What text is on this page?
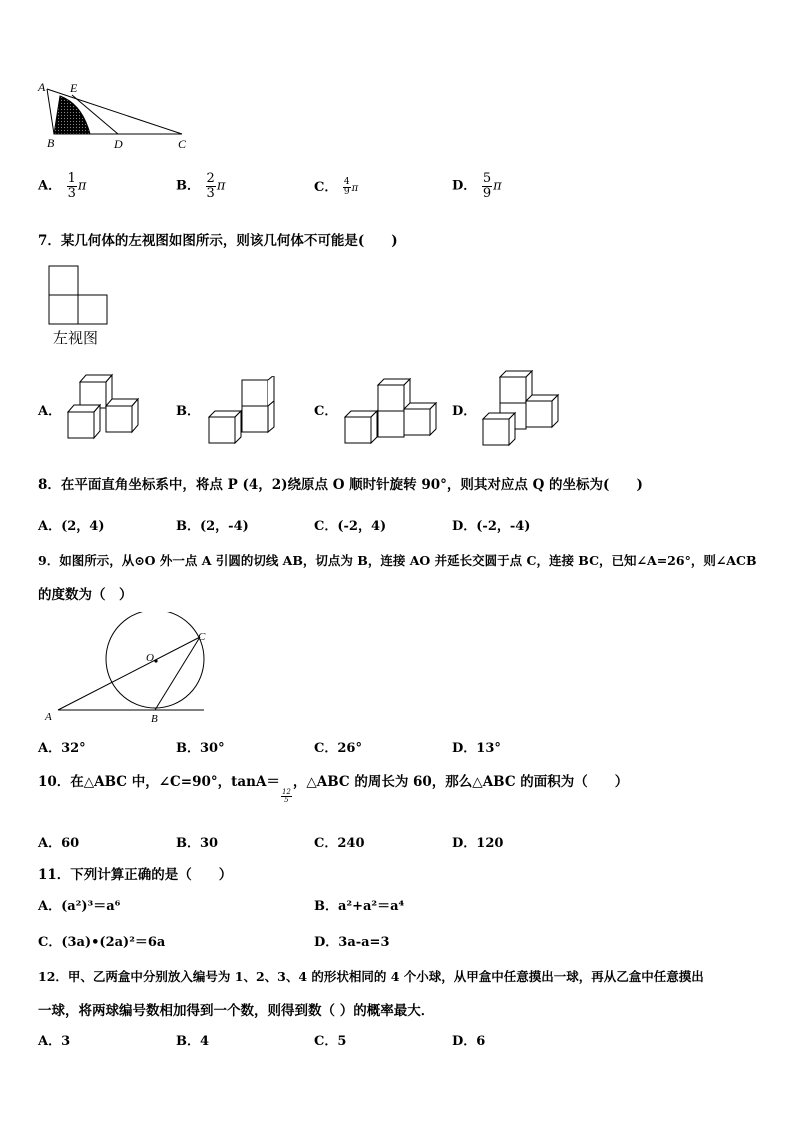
A E
B	D	C
A． $\frac{1}{3}$ π	B． $\frac{2}{3}$ π	C． $\frac{4}{9}$ π	D． $\frac{5}{9}$ π
7．某几何体的左视图如图所示，则该几何体不可能是(　　)
左视图
A．	B．	C．	D．
8．在平面直角坐标系中，将点 P (4，2)绕原点 O 顺时针旋转 90°，则其对应点 Q 的坐标为(　　)
A．(2，4)	B．(2，-4)	C．(-2，4)	D．(-2，-4)
9．如图所示，从⊙O 外一点 A 引圆的切线 AB，切点为 B，连接 AO 并延长交圆于点 C，连接 BC，已知∠A=26°，则∠ACB
的度数为（　）
O
C
A	B
A．32°	B．30°	C．26°	D．13°
10．在△ABC 中，∠C=90°，tanA＝
$\frac{12}{5}$
，△ABC 的周长为 60，那么△ABC 的面积为（　　）
A．60	B．30	C．240	D．120
11．下列计算正确的是（　　）
A．(a²)³＝a⁶	B．a²+a²＝a⁴
C．(3a)•(2a)²＝6a	D．3a-a=3
12．甲、乙两盒中分别放入编号为 1、2、3、4 的形状相同的 4 个小球，从甲盒中任意摸出一球，再从乙盒中任意摸出
一球，将两球编号数相加得到一个数，则得到数（ ）的概率最大．
A．3	B．4	C．5	D．6
